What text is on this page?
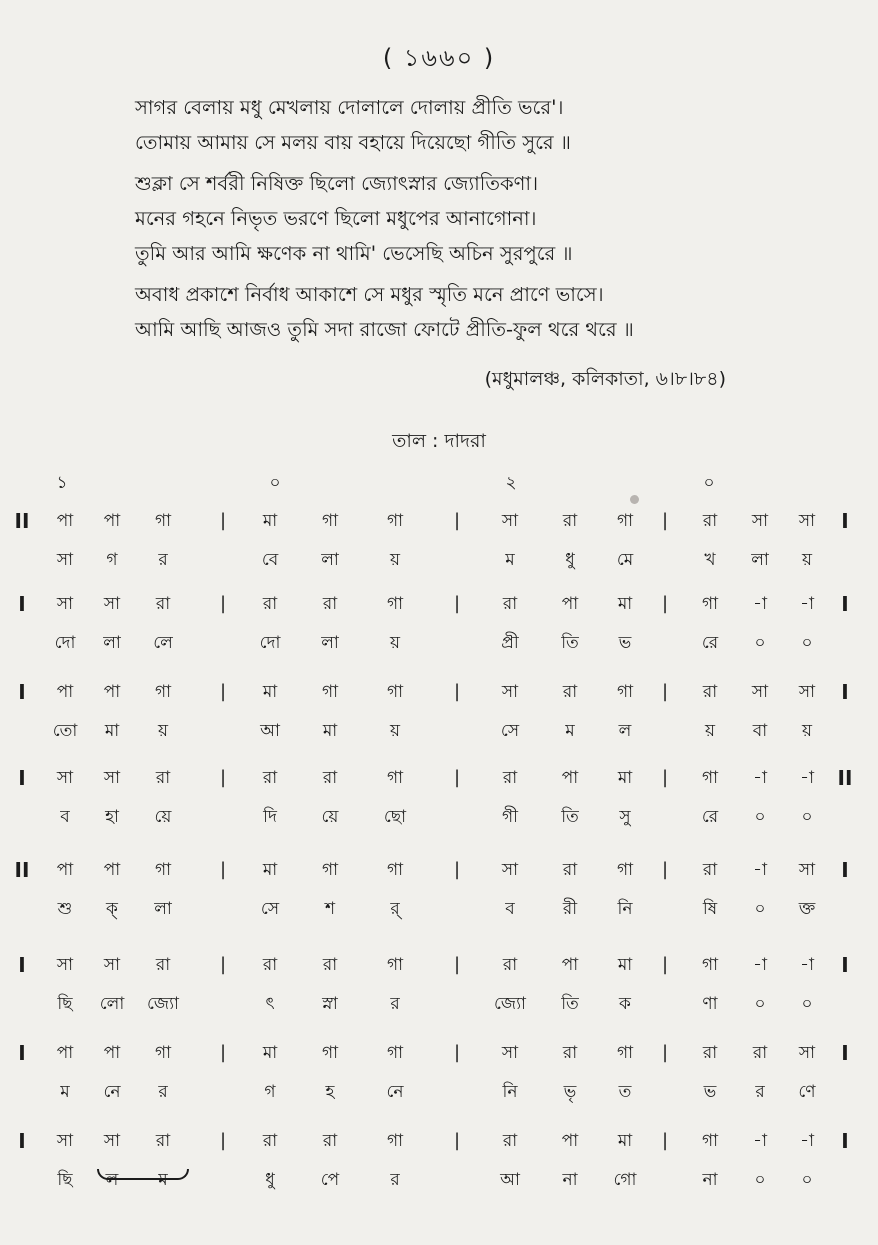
( ১৬৬০ )
সাগর বেলায় মধু মেখলায় দোলালে দোলায় প্রীতি ভরে'।
তোমায় আমায় সে মলয় বায় বহায়ে দিয়েছো গীতি সুরে ॥
শুক্লা সে শর্বরী নিষিক্ত ছিলো জ্যোৎস্নার জ্যোতিকণা।
মনের গহনে নিভৃত ভরণে ছিলো মধুপের আনাগোনা।
তুমি আর আমি ক্ষণেক না থামি' ভেসেছি অচিন সুরপুরে ॥
অবাধ প্রকাশে নির্বাধ আকাশে সে মধুর স্মৃতি মনে প্রাণে ভাসে।
আমি আছি আজও তুমি সদা রাজো ফোটে প্রীতি-ফুল থরে থরে ॥
(মধুমালঞ্চ, কলিকাতা, ৬।৮।৮৪)
তাল : দাদরা
১	০	২	০
II	পা	পা	গা	মা	গা	গা	সা	রা	গা	রা	সা	সা
|	|	|	I
সা	গ	র	বে	লা	য়	ম	ধু	মে	খ	লা	য়
I	সা	সা	রা	রা	রা	গা	রা	পা	মা	গা	-া	-া
|	|	|	I
দো	লা	লে	দো	লা	য়	প্রী	তি	ভ	রে	০	০
I	পা	পা	গা	মা	গা	গা	সা	রা	গা	রা	সা	সা
|	|	|	I
তো	মা	য়	আ	মা	য়	সে	ম	ল	য়	বা	য়
I	সা	সা	রা	রা	রা	গা	রা	পা	মা	গা	-া	-া
|	|	|	II
ব	হা	য়ে	দি	য়ে	ছো	গী	তি	সু	রে	০	০
II	পা	পা	গা	মা	গা	গা	সা	রা	গা	রা	-া	সা
|	|	|	I
শু	ক্	লা	সে	শ	র্	ব	রী	নি	ষি	০	ক্ত
I	সা	সা	রা	রা	রা	গা	রা	পা	মা	গা	-া	-া
|	|	|	I
ছি	লো	জ্যো	ৎ	স্না	র	জ্যো	তি	ক	ণা	০	০
I	পা	পা	গা	মা	গা	গা	সা	রা	গা	রা	রা	সা
|	|	|	I
ম	নে	র	গ	হ	নে	নি	ভৃ	ত	ভ	র	ণে
I	সা	সা	রা	রা	রা	গা	রা	পা	মা	গা	-া	-া
|	|	|	I
ছি	ল	ম	ধু	পে	র	আ	না	গো	না	০	০
